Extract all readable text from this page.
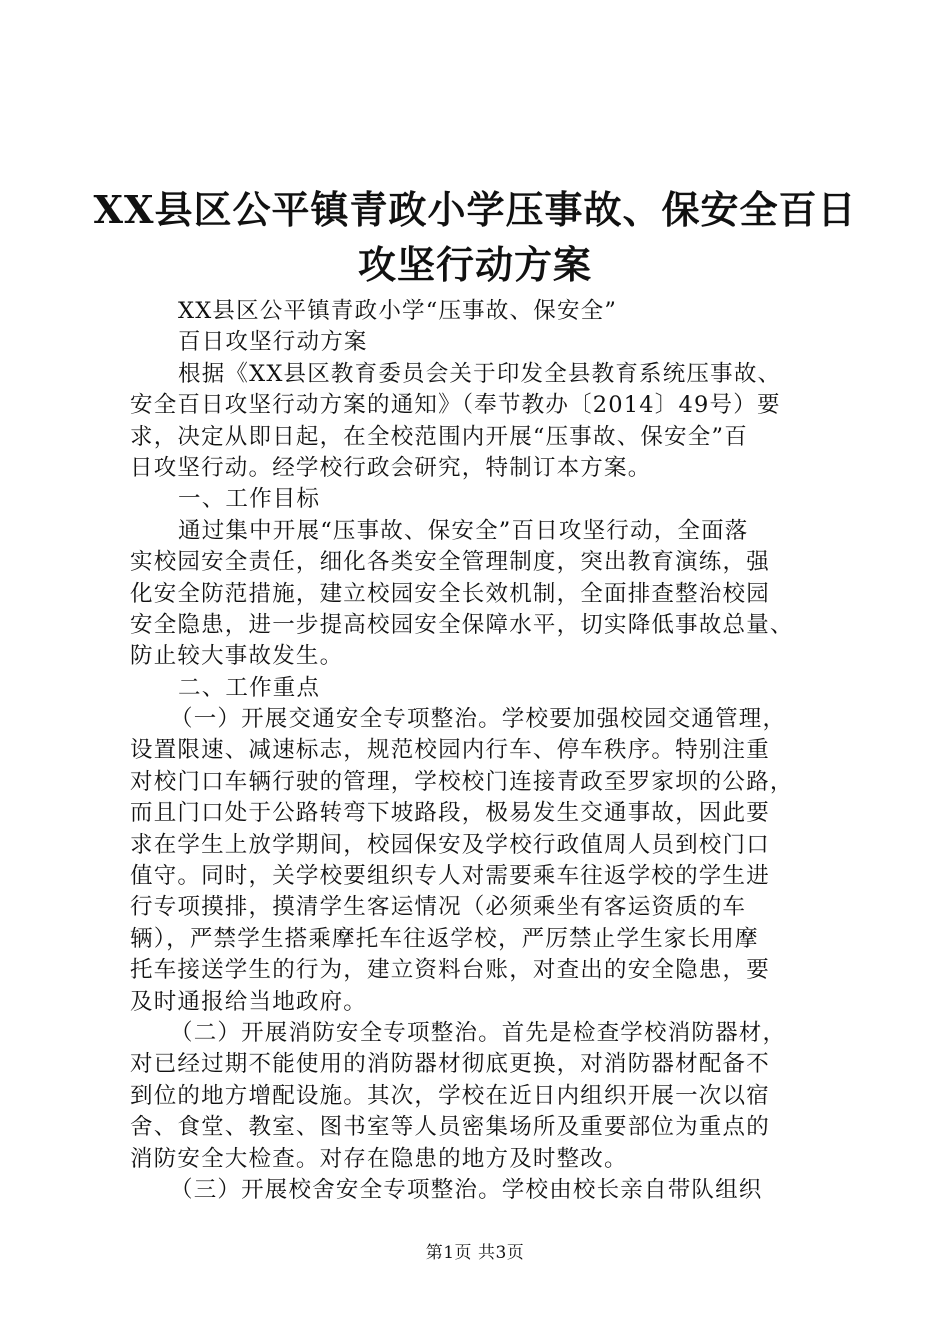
XX县区公平镇青政小学压事故、保安全百日
攻坚行动方案
XX县区公平镇青政小学“压事故、保安全”
百日攻坚行动方案
根据《XX县区教育委员会关于印发全县教育系统压事故、
安全百日攻坚行动方案的通知》（奉节教办〔2014〕49号）要
求，决定从即日起，在全校范围内开展“压事故、保安全”百
日攻坚行动。经学校行政会研究，特制订本方案。
一、工作目标
通过集中开展“压事故、保安全”百日攻坚行动，全面落
实校园安全责任，细化各类安全管理制度，突出教育演练，强
化安全防范措施，建立校园安全长效机制，全面排查整治校园
安全隐患，进一步提高校园安全保障水平，切实降低事故总量、
防止较大事故发生。
二、工作重点
（一）开展交通安全专项整治。学校要加强校园交通管理，
设置限速、减速标志，规范校园内行车、停车秩序。特别注重
对校门口车辆行驶的管理，学校校门连接青政至罗家坝的公路，
而且门口处于公路转弯下坡路段，极易发生交通事故，因此要
求在学生上放学期间，校园保安及学校行政值周人员到校门口
值守。同时，关学校要组织专人对需要乘车往返学校的学生进
行专项摸排，摸清学生客运情况（必须乘坐有客运资质的车
辆），严禁学生搭乘摩托车往返学校，严厉禁止学生家长用摩
托车接送学生的行为，建立资料台账，对查出的安全隐患，要
及时通报给当地政府。
（二）开展消防安全专项整治。首先是检查学校消防器材，
对已经过期不能使用的消防器材彻底更换，对消防器材配备不
到位的地方增配设施。其次，学校在近日内组织开展一次以宿
舍、食堂、教室、图书室等人员密集场所及重要部位为重点的
消防安全大检查。对存在隐患的地方及时整改。
（三）开展校舍安全专项整治。学校由校长亲自带队组织
第1页 共3页
